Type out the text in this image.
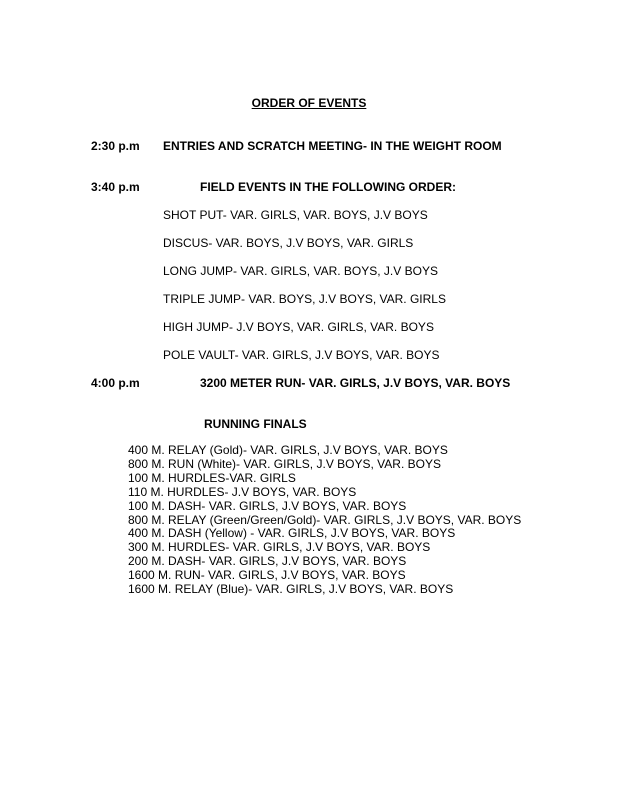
ORDER OF EVENTS
2:30 p.m ENTRIES AND SCRATCH MEETING- IN THE WEIGHT ROOM
3:40 p.m	FIELD EVENTS IN THE FOLLOWING ORDER:
SHOT PUT- VAR. GIRLS, VAR. BOYS, J.V BOYS
DISCUS- VAR. BOYS, J.V BOYS, VAR. GIRLS
LONG JUMP- VAR. GIRLS, VAR. BOYS, J.V BOYS
TRIPLE JUMP- VAR. BOYS, J.V BOYS, VAR. GIRLS
HIGH JUMP- J.V BOYS, VAR. GIRLS, VAR. BOYS
POLE VAULT- VAR. GIRLS, J.V BOYS, VAR. BOYS
4:00 p.m	3200 METER RUN- VAR. GIRLS, J.V BOYS, VAR. BOYS
RUNNING FINALS
400 M. RELAY (Gold)- VAR. GIRLS, J.V BOYS, VAR. BOYS
800 M. RUN (White)- VAR. GIRLS, J.V BOYS, VAR. BOYS
100 M. HURDLES-VAR. GIRLS
110 M. HURDLES- J.V BOYS, VAR. BOYS
100 M. DASH- VAR. GIRLS, J.V BOYS, VAR. BOYS
800 M. RELAY (Green/Green/Gold)- VAR. GIRLS, J.V BOYS, VAR. BOYS
400 M. DASH (Yellow) - VAR. GIRLS, J.V BOYS, VAR. BOYS
300 M. HURDLES- VAR. GIRLS, J.V BOYS, VAR. BOYS
200 M. DASH- VAR. GIRLS, J.V BOYS, VAR. BOYS
1600 M. RUN- VAR. GIRLS, J.V BOYS, VAR. BOYS
1600 M. RELAY (Blue)- VAR. GIRLS, J.V BOYS, VAR. BOYS
